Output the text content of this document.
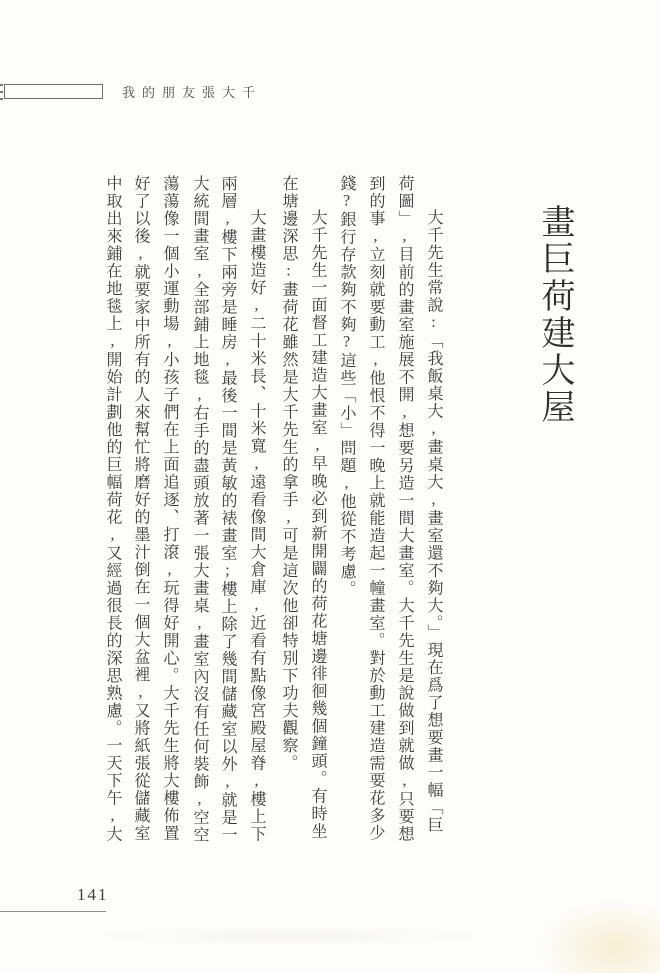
我的朋友張大千
畫巨荷建大屋
大千先生常說:「我飯桌大,畫桌大,畫室還不夠大。」現在爲了想要畫一幅「巨
荷圖」,目前的畫室施展不開,想要另造一間大畫室。大千先生是說做到就做,只要想
到的事,立刻就要動工,他恨不得一晚上就能造起一幢畫室。對於動工建造需要花多少
錢?銀行存款夠不夠?這些「小」問題,他從不考慮。
大千先生一面督工建造大畫室,早晚必到新開闢的荷花塘邊徘徊幾個鐘頭。有時坐
在塘邊深思:畫荷花雖然是大千先生的拿手,可是這次他卻特別下功夫觀察。
大畫樓造好,二十米長、十米寬,遠看像間大倉庫,近看有點像宮殿屋脊,樓上下
兩層,樓下兩旁是睡房,最後一間是黃敏的裱畫室;樓上除了幾間儲藏室以外,就是一
大統間畫室,全部鋪上地毯,右手的盡頭放著一張大畫桌,畫室內沒有任何裝飾,空空
蕩蕩像一個小運動場,小孩子們在上面追逐、打滾,玩得好開心。大千先生將大樓佈置
好了以後,就要家中所有的人來幫忙將磨好的墨汁倒在一個大盆裡,又將紙張從儲藏室
中取出來鋪在地毯上,開始計劃他的巨幅荷花,又經過很長的深思熟慮。一天下午,大
141
